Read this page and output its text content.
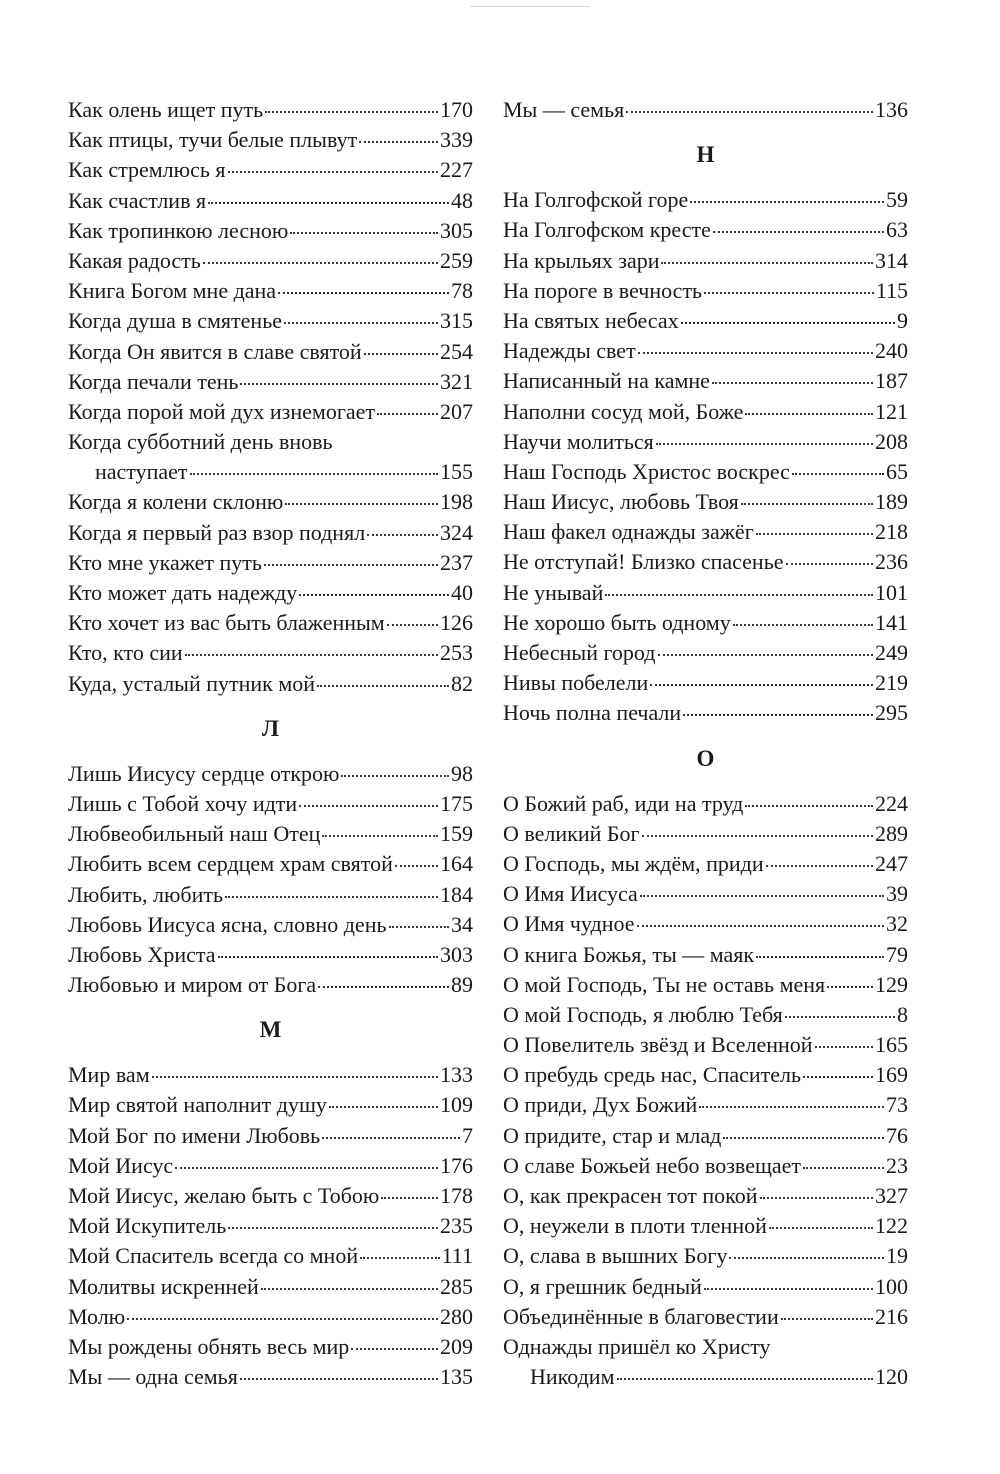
Как олень ищет путь	170
Как птицы, тучи белые плывут	339
Как стремлюсь я	227
Как счастлив я	48
Как тропинкою лесною	305
Какая радость	259
Книга Богом мне дана	78
Когда душа в смятенье	315
Когда Он явится в славе святой	254
Когда печали тень	321
Когда порой мой дух изнемогает	207
Когда субботний день вновь
наступает	155
Когда я колени склоню	198
Когда я первый раз взор поднял	324
Кто мне укажет путь	237
Кто может дать надежду	40
Кто хочет из вас быть блаженным	126
Кто, кто сии	253
Куда, усталый путник мой	82
Л
Лишь Иисусу сердце открою	98
Лишь с Тобой хочу идти	175
Любвеобильный наш Отец	159
Любить всем сердцем храм святой 164
Любить, любить	184
Любовь Иисуса ясна, словно день	34
Любовь Христа	303
Любовью и миром от Бога	89
М
Мир вам	133
Мир святой наполнит душу	109
Мой Бог по имени Любовь	7
Мой Иисус	176
Мой Иисус, желаю быть с Тобою	178
Мой Искупитель	235
Мой Спаситель всегда со мной	111
Молитвы искренней	285
Молю	280
Мы рождены обнять весь мир	209
Мы — одна семья	135
Мы — семья	136
Н
На Голгофской горе	59
На Голгофском кресте	63
На крыльях зари	314
На пороге в вечность	115
На святых небесах	9
Надежды свет	240
Написанный на камне	187
Наполни сосуд мой, Боже	121
Научи молиться	208
Наш Господь Христос воскрес	65
Наш Иисус, любовь Твоя	189
Наш факел однажды зажёг	218
Не отступай! Близко спасенье	236
Не унывай	101
Не хорошо быть одному	141
Небесный город	249
Нивы побелели	219
Ночь полна печали	295
О
О Божий раб, иди на труд	224
О великий Бог	289
О Господь, мы ждём, приди	247
О Имя Иисуса	39
О Имя чудное	32
О книга Божья, ты — маяк	79
О мой Господь, Ты не оставь меня 129
О мой Господь, я люблю Тебя	8
О Повелитель звёзд и Вселенной	165
О пребудь средь нас, Спаситель	169
О приди, Дух Божий	73
О придите, стар и млад	76
О славе Божьей небо возвещает	23
О, как прекрасен тот покой	327
О, неужели в плоти тленной	122
О, слава в вышних Богу	19
О, я грешник бедный	100
Объединённые в благовестии	216
Однажды пришёл ко Христу
Никодим	120
